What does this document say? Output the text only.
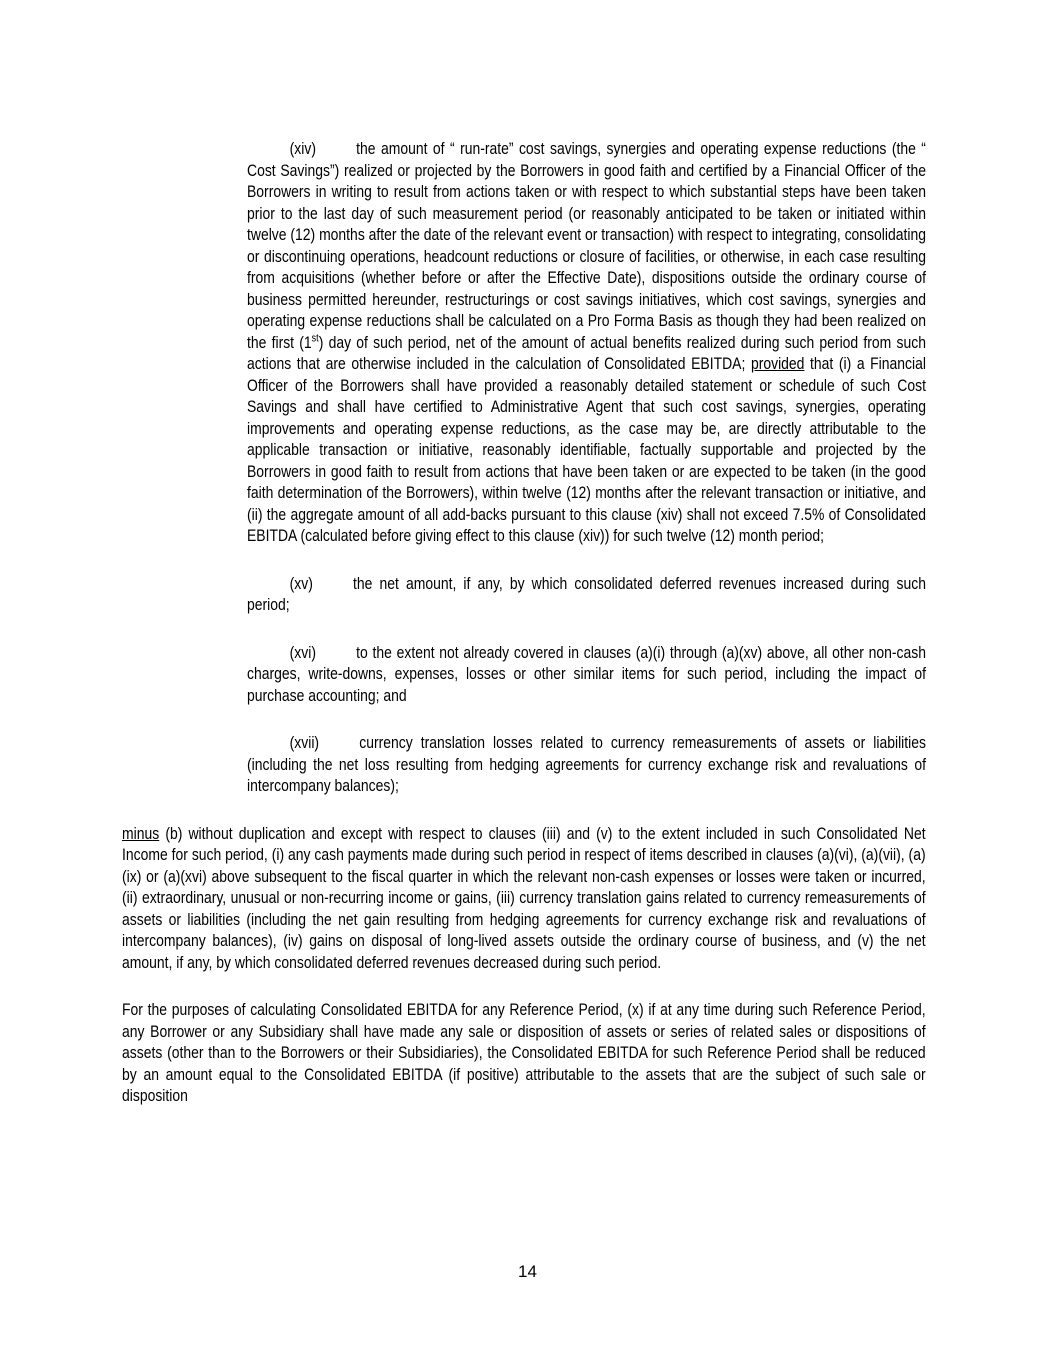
(xiv) the amount of “ run-rate” cost savings, synergies and operating expense reductions (the “ Cost Savings”) realized or projected by the Borrowers in good faith and certified by a Financial Officer of the Borrowers in writing to result from actions taken or with respect to which substantial steps have been taken prior to the last day of such measurement period (or reasonably anticipated to be taken or initiated within twelve (12) months after the date of the relevant event or transaction) with respect to integrating, consolidating or discontinuing operations, headcount reductions or closure of facilities, or otherwise, in each case resulting from acquisitions (whether before or after the Effective Date), dispositions outside the ordinary course of business permitted hereunder, restructurings or cost savings initiatives, which cost savings, synergies and operating expense reductions shall be calculated on a Pro Forma Basis as though they had been realized on the first (1st) day of such period, net of the amount of actual benefits realized during such period from such actions that are otherwise included in the calculation of Consolidated EBITDA; provided that (i) a Financial Officer of the Borrowers shall have provided a reasonably detailed statement or schedule of such Cost Savings and shall have certified to Administrative Agent that such cost savings, synergies, operating improvements and operating expense reductions, as the case may be, are directly attributable to the applicable transaction or initiative, reasonably identifiable, factually supportable and projected by the Borrowers in good faith to result from actions that have been taken or are expected to be taken (in the good faith determination of the Borrowers), within twelve (12) months after the relevant transaction or initiative, and (ii) the aggregate amount of all add-backs pursuant to this clause (xiv) shall not exceed 7.5% of Consolidated EBITDA (calculated before giving effect to this clause (xiv)) for such twelve (12) month period;

(xv) the net amount, if any, by which consolidated deferred revenues increased during such period;

(xvi) to the extent not already covered in clauses (a)(i) through (a)(xv) above, all other non-cash charges, write-downs, expenses, losses or other similar items for such period, including the impact of purchase accounting; and

(xvii) currency translation losses related to currency remeasurements of assets or liabilities (including the net loss resulting from hedging agreements for currency exchange risk and revaluations of intercompany balances);

minus (b) without duplication and except with respect to clauses (iii) and (v) to the extent included in such Consolidated Net Income for such period, (i) any cash payments made during such period in respect of items described in clauses (a)(vi), (a)(vii), (a)(ix) or (a)(xvi) above subsequent to the fiscal quarter in which the relevant non-cash expenses or losses were taken or incurred, (ii) extraordinary, unusual or non-recurring income or gains, (iii) currency translation gains related to currency remeasurements of assets or liabilities (including the net gain resulting from hedging agreements for currency exchange risk and revaluations of intercompany balances), (iv) gains on disposal of long-lived assets outside the ordinary course of business, and (v) the net amount, if any, by which consolidated deferred revenues decreased during such period.

For the purposes of calculating Consolidated EBITDA for any Reference Period, (x) if at any time during such Reference Period, any Borrower or any Subsidiary shall have made any sale or disposition of assets or series of related sales or dispositions of assets (other than to the Borrowers or their Subsidiaries), the Consolidated EBITDA for such Reference Period shall be reduced by an amount equal to the Consolidated EBITDA (if positive) attributable to the assets that are the subject of such sale or disposition

14
